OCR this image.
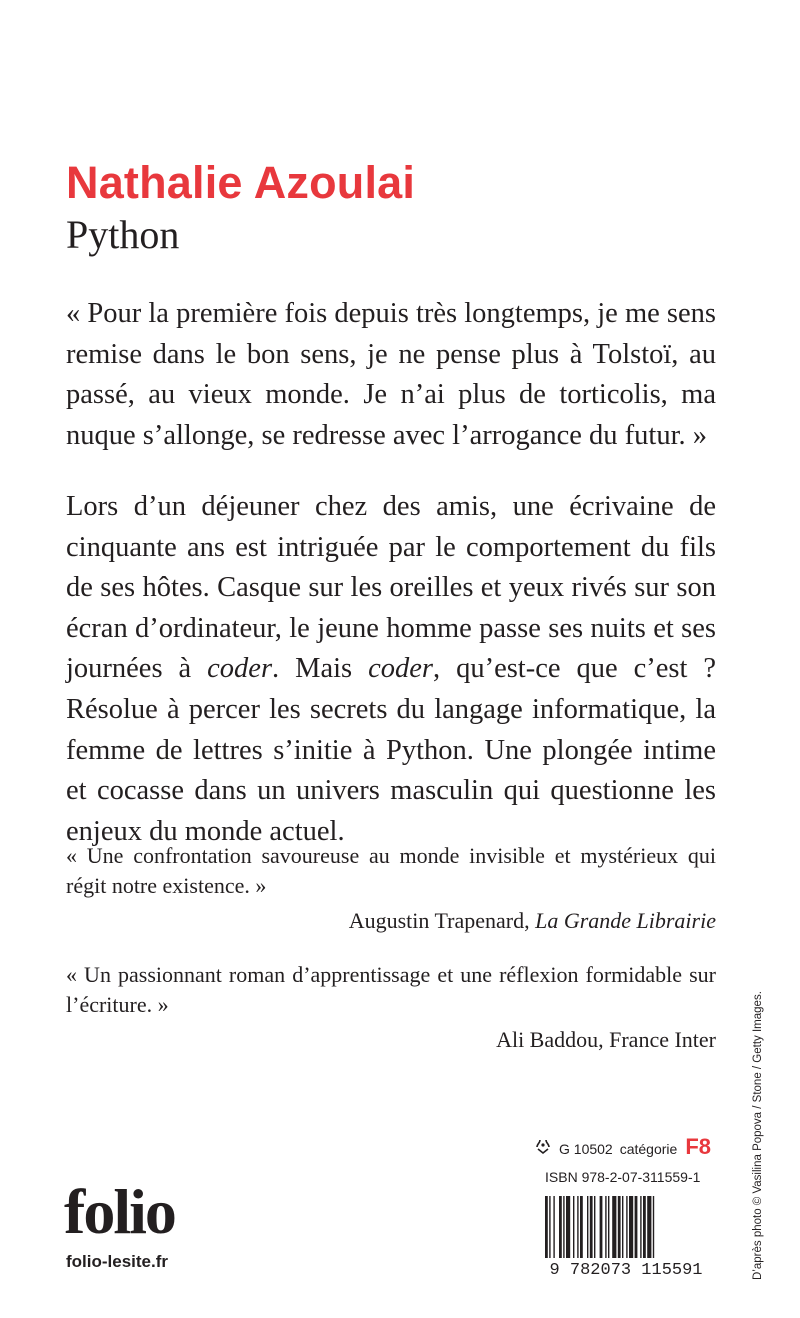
Nathalie Azoulai
Python

« Pour la première fois depuis très longtemps, je me sens remise dans le bon sens, je ne pense plus à Tolstoï, au passé, au vieux monde. Je n’ai plus de torticolis, ma nuque s’allonge, se redresse avec l’arrogance du futur. »

Lors d’un déjeuner chez des amis, une écrivaine de cinquante ans est intriguée par le comportement du fils de ses hôtes. Casque sur les oreilles et yeux rivés sur son écran d’ordinateur, le jeune homme passe ses nuits et ses journées à coder. Mais coder, qu’est-ce que c’est ? Résolue à percer les secrets du langage informatique, la femme de lettres s’initie à Python. Une plongée intime et cocasse dans un univers masculin qui questionne les enjeux du monde actuel.

« Une confrontation savoureuse au monde invisible et mystérieux qui régit notre existence. »
Augustin Trapenard, La Grande Librairie
« Un passionnant roman d’apprentissage et une réflexion formidable sur l’écriture. »
Ali Baddou, France Inter
folio
folio-lesite.fr
G 10502 catégorie F8
ISBN 978-2-07-311559-1
9 782073 115591	D’après photo © Vasilina Popova / Stone / Getty Images.
